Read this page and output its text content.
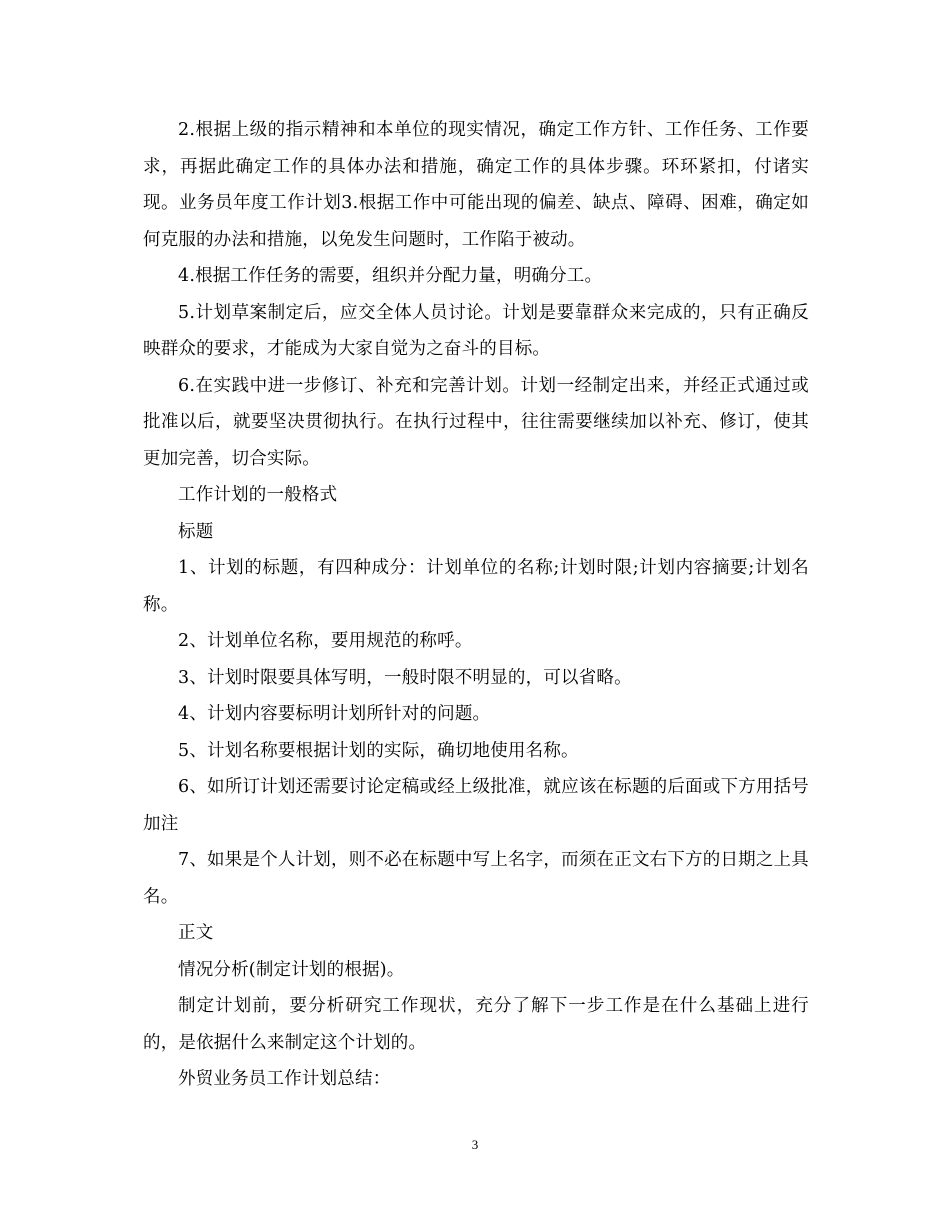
2.根据上级的指示精神和本单位的现实情况，确定工作方针、工作任务、工作要求，再据此确定工作的具体办法和措施，确定工作的具体步骤。环环紧扣，付诸实现。业务员年度工作计划3.根据工作中可能出现的偏差、缺点、障碍、困难，确定如何克服的办法和措施，以免发生问题时，工作陷于被动。

4.根据工作任务的需要，组织并分配力量，明确分工。

5.计划草案制定后，应交全体人员讨论。计划是要靠群众来完成的，只有正确反映群众的要求，才能成为大家自觉为之奋斗的目标。

6.在实践中进一步修订、补充和完善计划。计划一经制定出来，并经正式通过或批准以后，就要坚决贯彻执行。在执行过程中，往往需要继续加以补充、修订，使其更加完善，切合实际。

工作计划的一般格式

标题

1、计划的标题，有四种成分：计划单位的名称;计划时限;计划内容摘要;计划名称。

2、计划单位名称，要用规范的称呼。

3、计划时限要具体写明，一般时限不明显的，可以省略。

4、计划内容要标明计划所针对的问题。

5、计划名称要根据计划的实际，确切地使用名称。

6、如所订计划还需要讨论定稿或经上级批准，就应该在标题的后面或下方用括号加注

7、如果是个人计划，则不必在标题中写上名字，而须在正文右下方的日期之上具名。

正文

情况分析(制定计划的根据)。

制定计划前，要分析研究工作现状，充分了解下一步工作是在什么基础上进行的，是依据什么来制定这个计划的。

外贸业务员工作计划总结：

3
